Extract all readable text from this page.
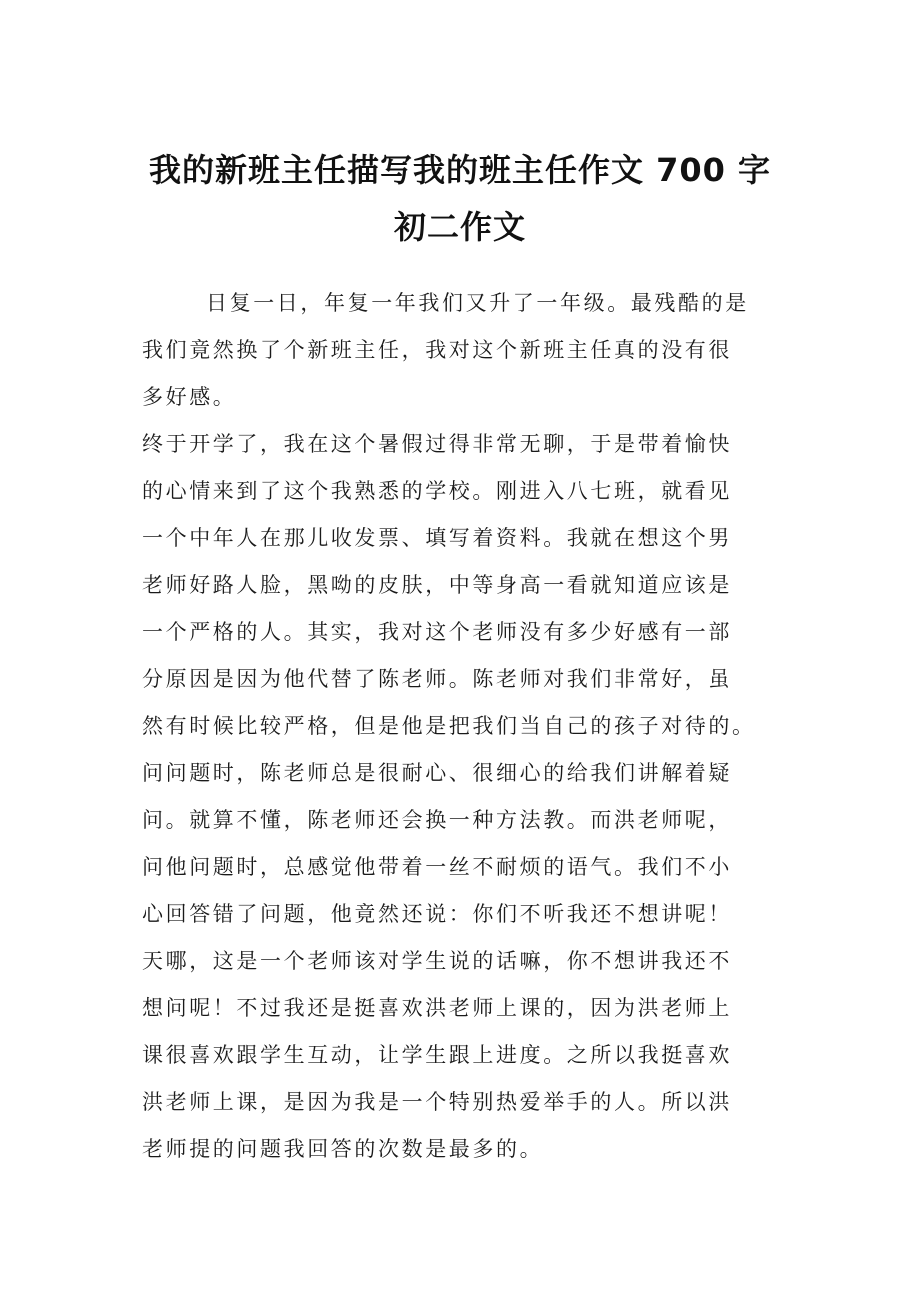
我的新班主任描写我的班主任作文 700 字
初二作文
日复一日，年复一年我们又升了一年级。最残酷的是
我们竟然换了个新班主任，我对这个新班主任真的没有很
多好感。
终于开学了，我在这个暑假过得非常无聊，于是带着愉快
的心情来到了这个我熟悉的学校。刚进入八七班，就看见
一个中年人在那儿收发票、填写着资料。我就在想这个男
老师好路人脸，黑呦的皮肤，中等身高一看就知道应该是
一个严格的人。其实，我对这个老师没有多少好感有一部
分原因是因为他代替了陈老师。陈老师对我们非常好，虽
然有时候比较严格，但是他是把我们当自己的孩子对待的。
问问题时，陈老师总是很耐心、很细心的给我们讲解着疑
问。就算不懂，陈老师还会换一种方法教。而洪老师呢，
问他问题时，总感觉他带着一丝不耐烦的语气。我们不小
心回答错了问题，他竟然还说：你们不听我还不想讲呢！
天哪，这是一个老师该对学生说的话嘛，你不想讲我还不
想问呢！不过我还是挺喜欢洪老师上课的，因为洪老师上
课很喜欢跟学生互动，让学生跟上进度。之所以我挺喜欢
洪老师上课，是因为我是一个特别热爱举手的人。所以洪
老师提的问题我回答的次数是最多的。
